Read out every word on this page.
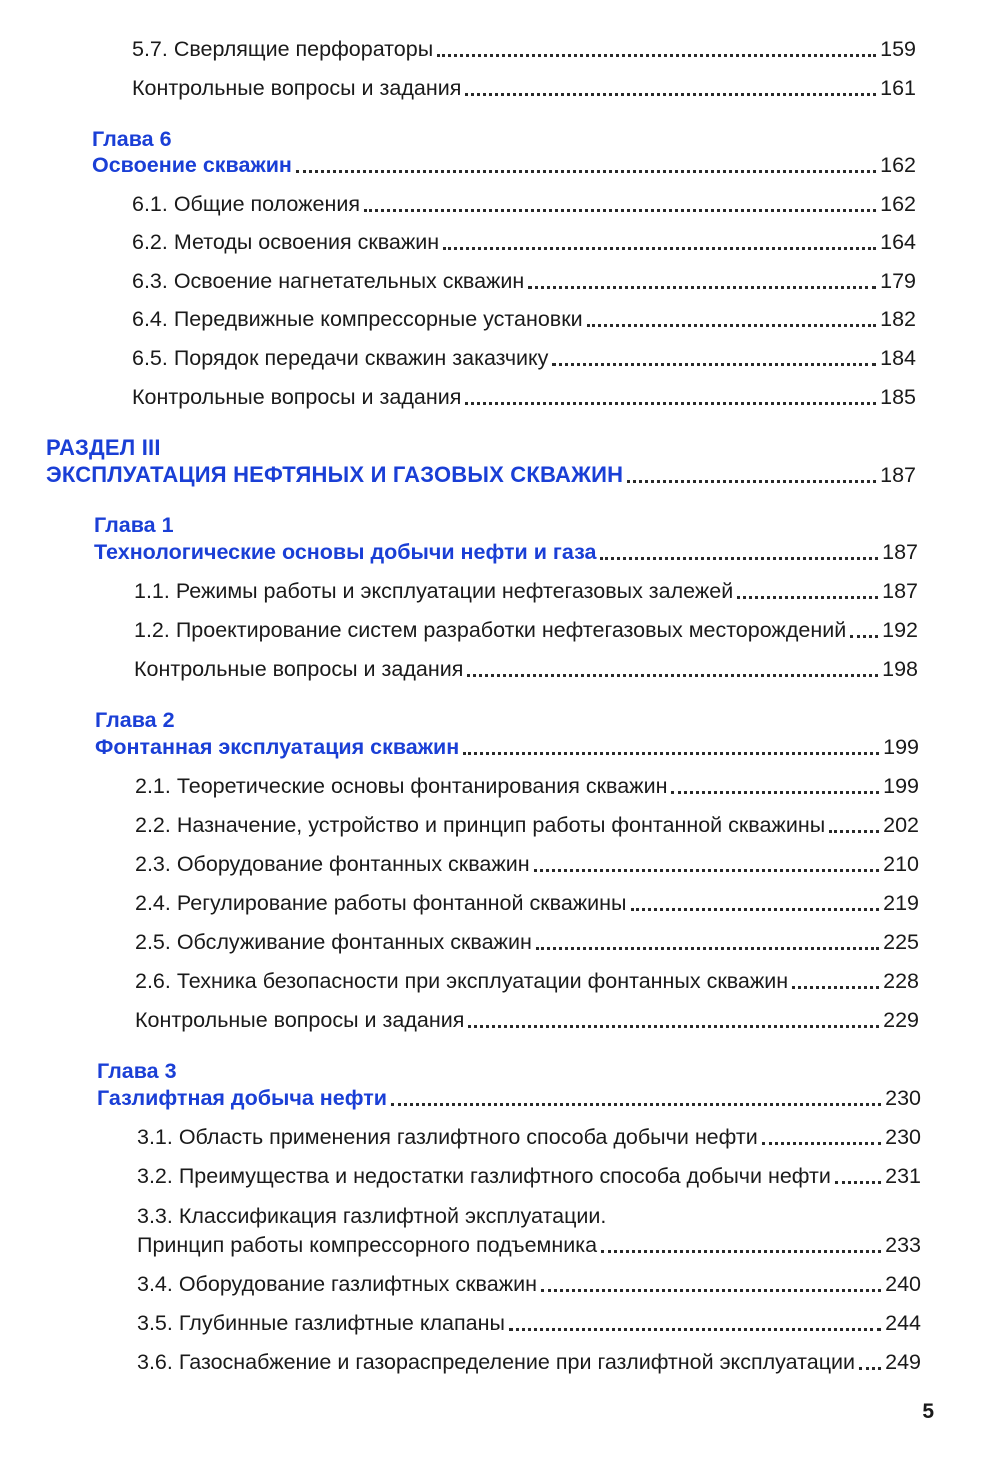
5.7. Сверлящие перфораторы	159
Контрольные вопросы и задания	161
Глава 6
Освоение скважин	162
6.1. Общие положения	162
6.2. Методы освоения скважин	164
6.3. Освоение нагнетательных скважин	179
6.4. Передвижные компрессорные установки	182
6.5. Порядок передачи скважин заказчику	184
Контрольные вопросы и задания	185
РАЗДЕЛ III
ЭКСПЛУАТАЦИЯ НЕФТЯНЫХ И ГАЗОВЫХ СКВАЖИН	187
Глава 1
Технологические основы добычи нефти и газа	187
1.1. Режимы работы и эксплуатации нефтегазовых залежей	187
1.2. Проектирование систем разработки нефтегазовых месторождений 192
Контрольные вопросы и задания	198
Глава 2
Фонтанная эксплуатация скважин	199
2.1. Теоретические основы фонтанирования скважин	199
2.2. Назначение, устройство и принцип работы фонтанной скважины	202
2.3. Оборудование фонтанных скважин	210
2.4. Регулирование работы фонтанной скважины	219
2.5. Обслуживание фонтанных скважин	225
2.6. Техника безопасности при эксплуатации фонтанных скважин	228
Контрольные вопросы и задания	229
Глава 3
Газлифтная добыча нефти	230
3.1. Область применения газлифтного способа добычи нефти	230
3.2. Преимущества и недостатки газлифтного способа добычи нефти	231
3.3. Классификация газлифтной эксплуатации.
Принцип работы компрессорного подъемника	233
3.4. Оборудование газлифтных скважин	240
3.5. Глубинные газлифтные клапаны	244
3.6. Газоснабжение и газораспределение при газлифтной эксплуатации 249
5
